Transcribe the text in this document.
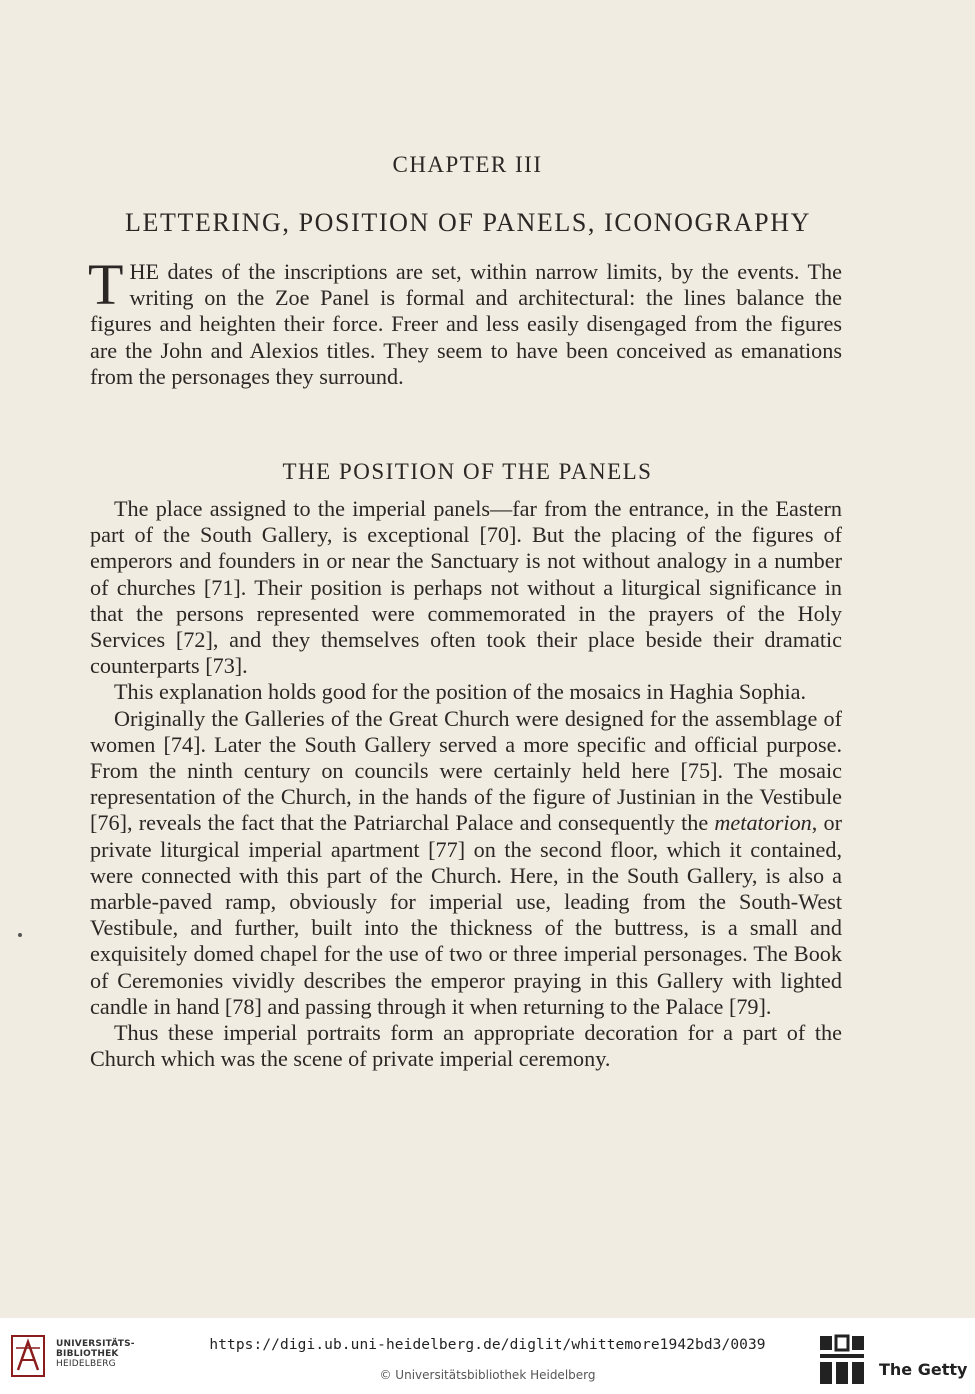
CHAPTER III
LETTERING, POSITION OF PANELS, ICONOGRAPHY
THE dates of the inscriptions are set, within narrow limits, by the events. The writing on the Zoe Panel is formal and architectural: the lines balance the figures and heighten their force. Freer and less easily disengaged from the figures are the John and Alexios titles. They seem to have been conceived as emanations from the personages they surround.
THE POSITION OF THE PANELS

The place assigned to the imperial panels—far from the entrance, in the Eastern part of the South Gallery, is exceptional [70]. But the placing of the figures of emperors and founders in or near the Sanctuary is not without analogy in a number of churches [71]. Their position is perhaps not without a liturgical significance in that the persons represented were commemorated in the prayers of the Holy Services [72], and they themselves often took their place beside their dramatic counterparts [73].

This explanation holds good for the position of the mosaics in Haghia Sophia.

Originally the Galleries of the Great Church were designed for the assemblage of women [74]. Later the South Gallery served a more specific and official purpose. From the ninth century on councils were certainly held here [75]. The mosaic representation of the Church, in the hands of the figure of Justinian in the Vestibule [76], reveals the fact that the Patriarchal Palace and consequently the metatorion, or private liturgical imperial apartment [77] on the second floor, which it contained, were connected with this part of the Church. Here, in the South Gallery, is also a marble-paved ramp, obviously for imperial use, leading from the South-West Vestibule, and further, built into the thickness of the buttress, is a small and exquisitely domed chapel for the use of two or three imperial personages. The Book of Ceremonies vividly describes the emperor praying in this Gallery with lighted candle in hand [78] and passing through it when returning to the Palace [79].

Thus these imperial portraits form an appropriate decoration for a part of the Church which was the scene of private imperial ceremony.

UNIVERSITÄTS-
BIBLIOTHEK
HEIDELBERG
https://digi.ub.uni-heidelberg.de/diglit/whittemore1942bd3/0039
© Universitätsbibliothek Heidelberg	The Getty
